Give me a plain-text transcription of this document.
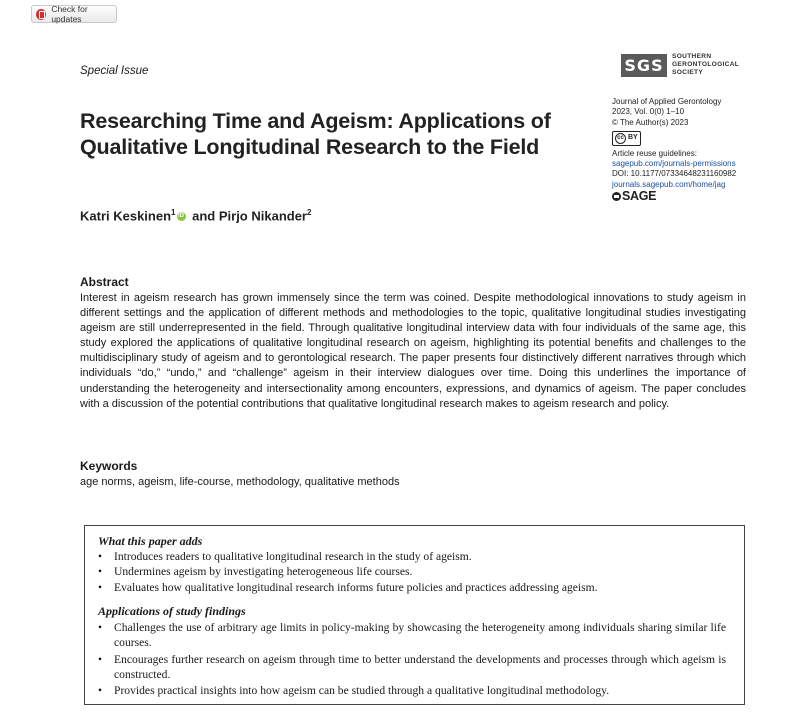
Check for updates
Special Issue	SGS	SOUTHERN
GERONTOLOGICAL
SOCIETY
Journal of Applied Gerontology
2023, Vol. 0(0) 1–10
© The Author(s) 2023
cc BY
Article reuse guidelines:
sagepub.com/journals-permissions
DOI: 10.1177/07334648231160982
journals.sagepub.com/home/jag
SAGE
Researching Time and Ageism: Applications of
Qualitative Longitudinal Research to the Field
Katri Keskinen$^1$ iD and Pirjo Nikander$^2$
Abstract
Interest in ageism research has grown immensely since the term was coined. Despite methodological innovations to study ageism in different settings and the application of different methods and methodologies to the topic, qualitative longitudinal studies investigating ageism are still underrepresented in the field. Through qualitative longitudinal interview data with four individuals of the same age, this study explored the applications of qualitative longitudinal research on ageism, highlighting its potential benefits and challenges to the multidisciplinary study of ageism and to gerontological research. The paper presents four distinctively different narratives through which individuals “do,” “undo,” and “challenge” ageism in their interview dialogues over time. Doing this underlines the importance of understanding the heterogeneity and intersectionality among encounters, expressions, and dynamics of ageism. The paper concludes with a discussion of the potential contributions that qualitative longitudinal research makes to ageism research and policy.
Keywords
age norms, ageism, life-course, methodology, qualitative methods
What this paper adds
• Introduces readers to qualitative longitudinal research in the study of ageism.
• Undermines ageism by investigating heterogeneous life courses.
• Evaluates how qualitative longitudinal research informs future policies and practices addressing ageism.
Applications of study findings
• Challenges the use of arbitrary age limits in policy-making by showcasing the heterogeneity among individuals sharing similar life courses.
• Encourages further research on ageism through time to better understand the developments and processes through which ageism is constructed.
• Provides practical insights into how ageism can be studied through a qualitative longitudinal methodology.
